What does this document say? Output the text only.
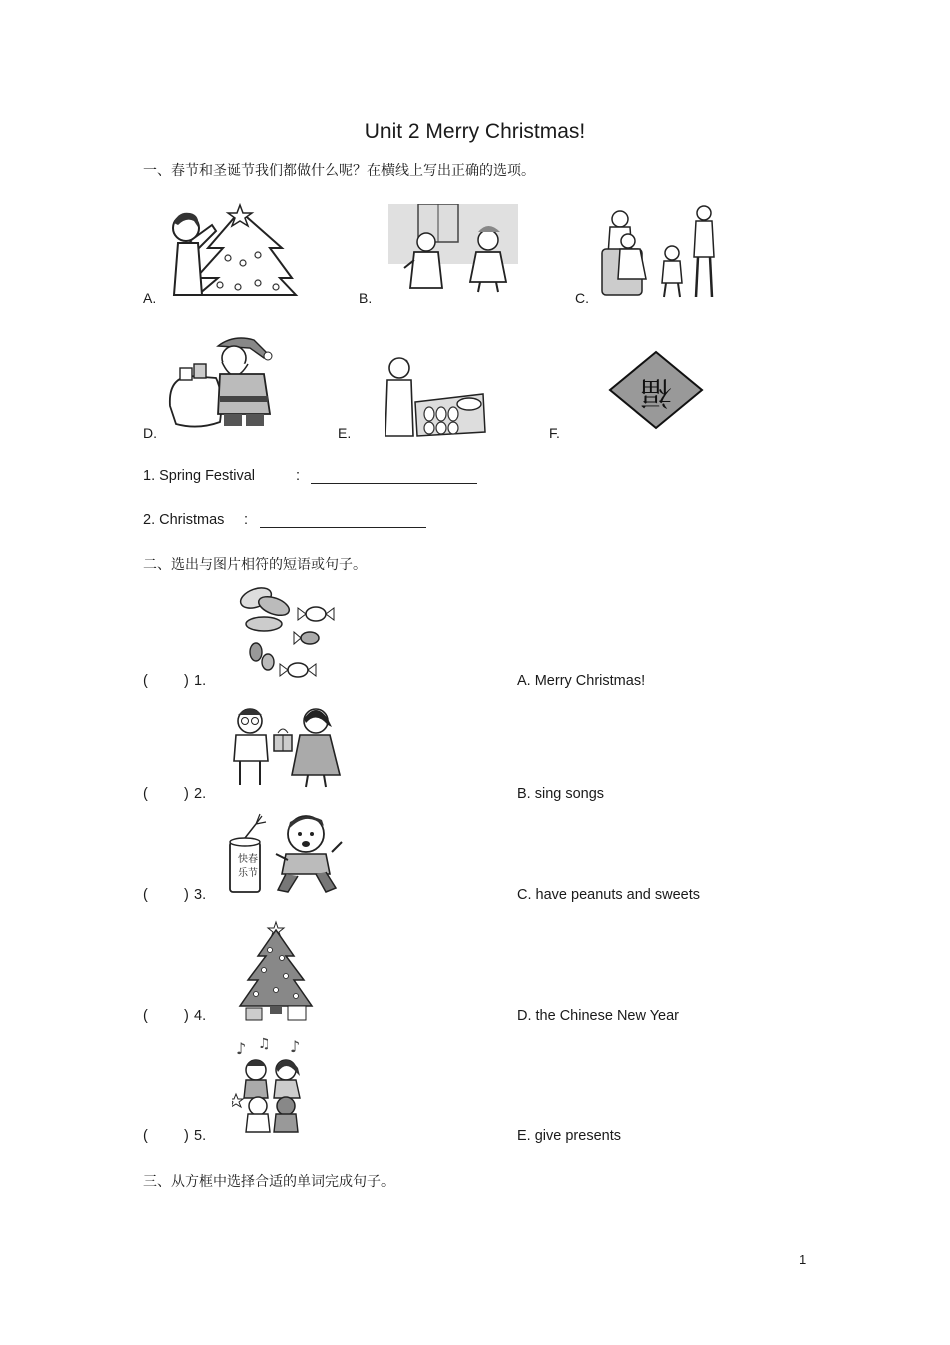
Unit 2 Merry Christmas!
一、春节和圣诞节我们都做什么呢？在横线上写出正确的选项。
A.	B.	C.
D.	E.
福
F.
1. Spring Festival	:
2. Christmas :
二、选出与图片相符的短语或句子。
( ) 1.	A. Merry Christmas!
( ) 2.	B. sing songs
快 春
乐 节
( ) 3.	C. have peanuts and sweets
( ) 4.	D. the Chinese New Year
♪ ♫ ♪
( ) 5.	E. give presents
三、从方框中选择合适的单词完成句子。
1
